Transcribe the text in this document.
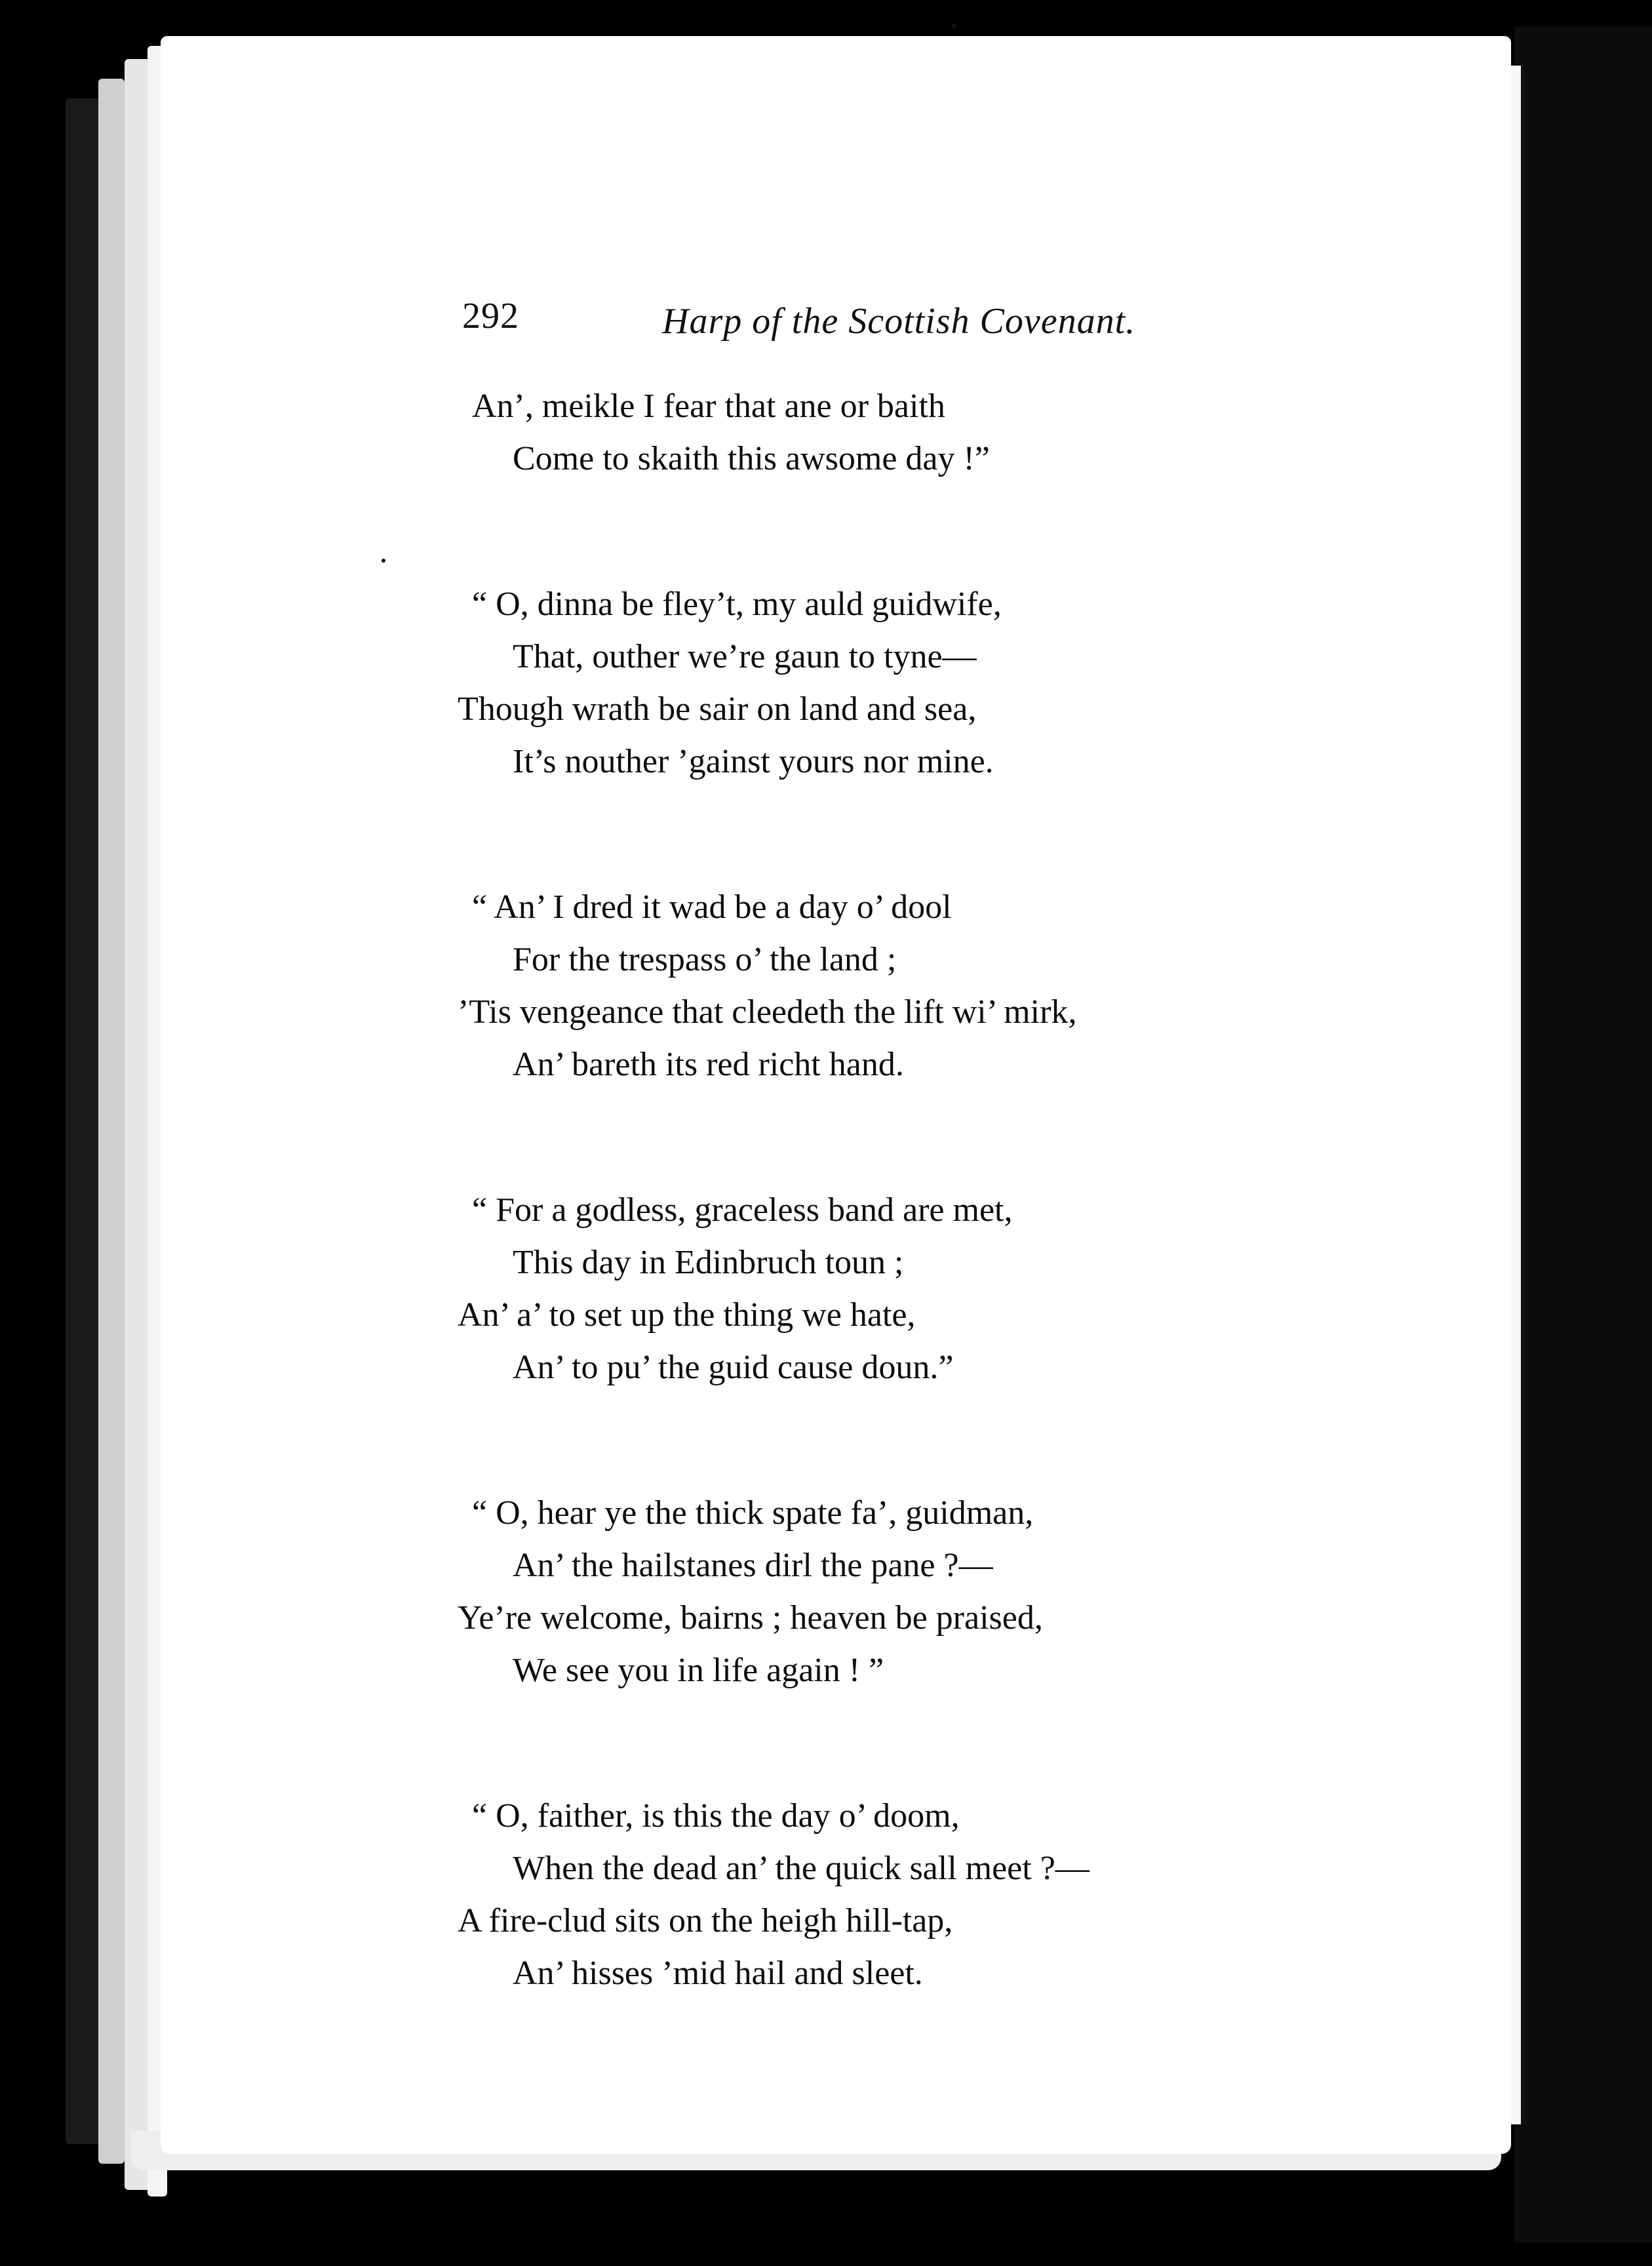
292	Harp of the Scottish Covenant.
An’, meikle I fear that ane or baith
Come to skaith this awsome day !”
“ O, dinna be fley’t, my auld guidwife,
That, outher we’re gaun to tyne—
Though wrath be sair on land and sea,
It’s nouther ’gainst yours nor mine.
“ An’ I dred it wad be a day o’ dool
For the trespass o’ the land ;
’Tis vengeance that cleedeth the lift wi’ mirk,
An’ bareth its red richt hand.
“ For a godless, graceless band are met,
This day in Edinbruch toun ;
An’ a’ to set up the thing we hate,
An’ to pu’ the guid cause doun.”
“ O, hear ye the thick spate fa’, guidman,
An’ the hailstanes dirl the pane ?—
Ye’re welcome, bairns ; heaven be praised,
We see you in life again ! ”
“ O, faither, is this the day o’ doom,
When the dead an’ the quick sall meet ?—
A fire-clud sits on the heigh hill-tap,
An’ hisses ’mid hail and sleet.
